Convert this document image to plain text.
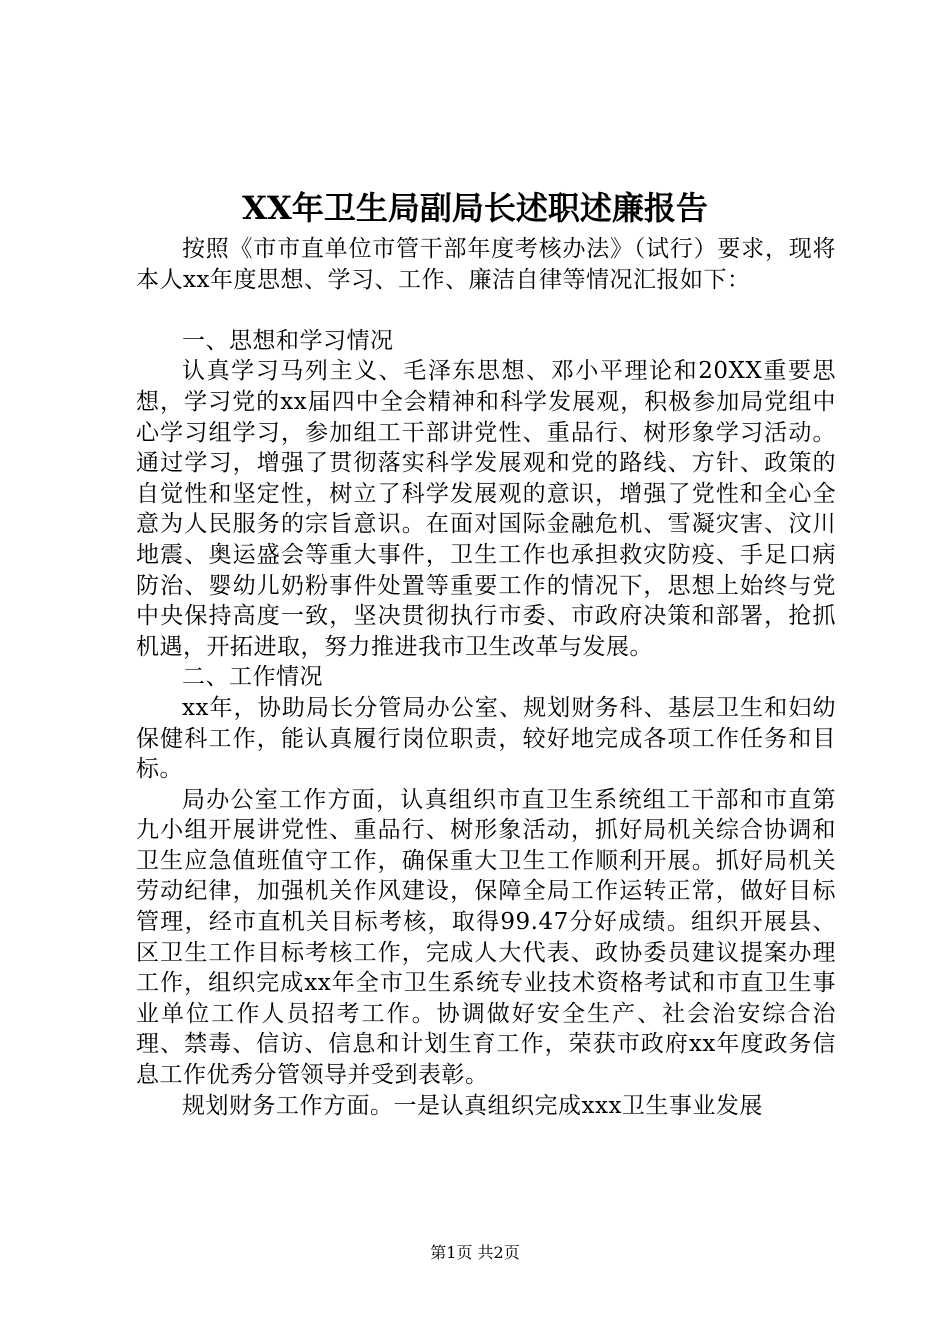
XX年卫生局副局长述职述廉报告

按照《市市直单位市管干部年度考核办法》（试行）要求，现将本人xx年度思想、学习、工作、廉洁自律等情况汇报如下：

一、思想和学习情况

认真学习马列主义、毛泽东思想、邓小平理论和20XX重要思想，学习党的xx届四中全会精神和科学发展观，积极参加局党组中心学习组学习，参加组工干部讲党性、重品行、树形象学习活动。通过学习，增强了贯彻落实科学发展观和党的路线、方针、政策的自觉性和坚定性，树立了科学发展观的意识，增强了党性和全心全意为人民服务的宗旨意识。在面对国际金融危机、雪凝灾害、汶川地震、奥运盛会等重大事件，卫生工作也承担救灾防疫、手足口病防治、婴幼儿奶粉事件处置等重要工作的情况下，思想上始终与党中央保持高度一致，坚决贯彻执行市委、市政府决策和部署，抢抓机遇，开拓进取，努力推进我市卫生改革与发展。

二、工作情况

xx年，协助局长分管局办公室、规划财务科、基层卫生和妇幼保健科工作，能认真履行岗位职责，较好地完成各项工作任务和目标。

局办公室工作方面，认真组织市直卫生系统组工干部和市直第九小组开展讲党性、重品行、树形象活动，抓好局机关综合协调和卫生应急值班值守工作，确保重大卫生工作顺利开展。抓好局机关劳动纪律，加强机关作风建设，保障全局工作运转正常，做好目标管理，经市直机关目标考核，取得99.47分好成绩。组织开展县、区卫生工作目标考核工作，完成人大代表、政协委员建议提案办理工作，组织完成xx年全市卫生系统专业技术资格考试和市直卫生事业单位工作人员招考工作。协调做好安全生产、社会治安综合治理、禁毒、信访、信息和计划生育工作，荣获市政府xx年度政务信息工作优秀分管领导并受到表彰。

规划财务工作方面。一是认真组织完成xxx卫生事业发展

第1页 共2页
